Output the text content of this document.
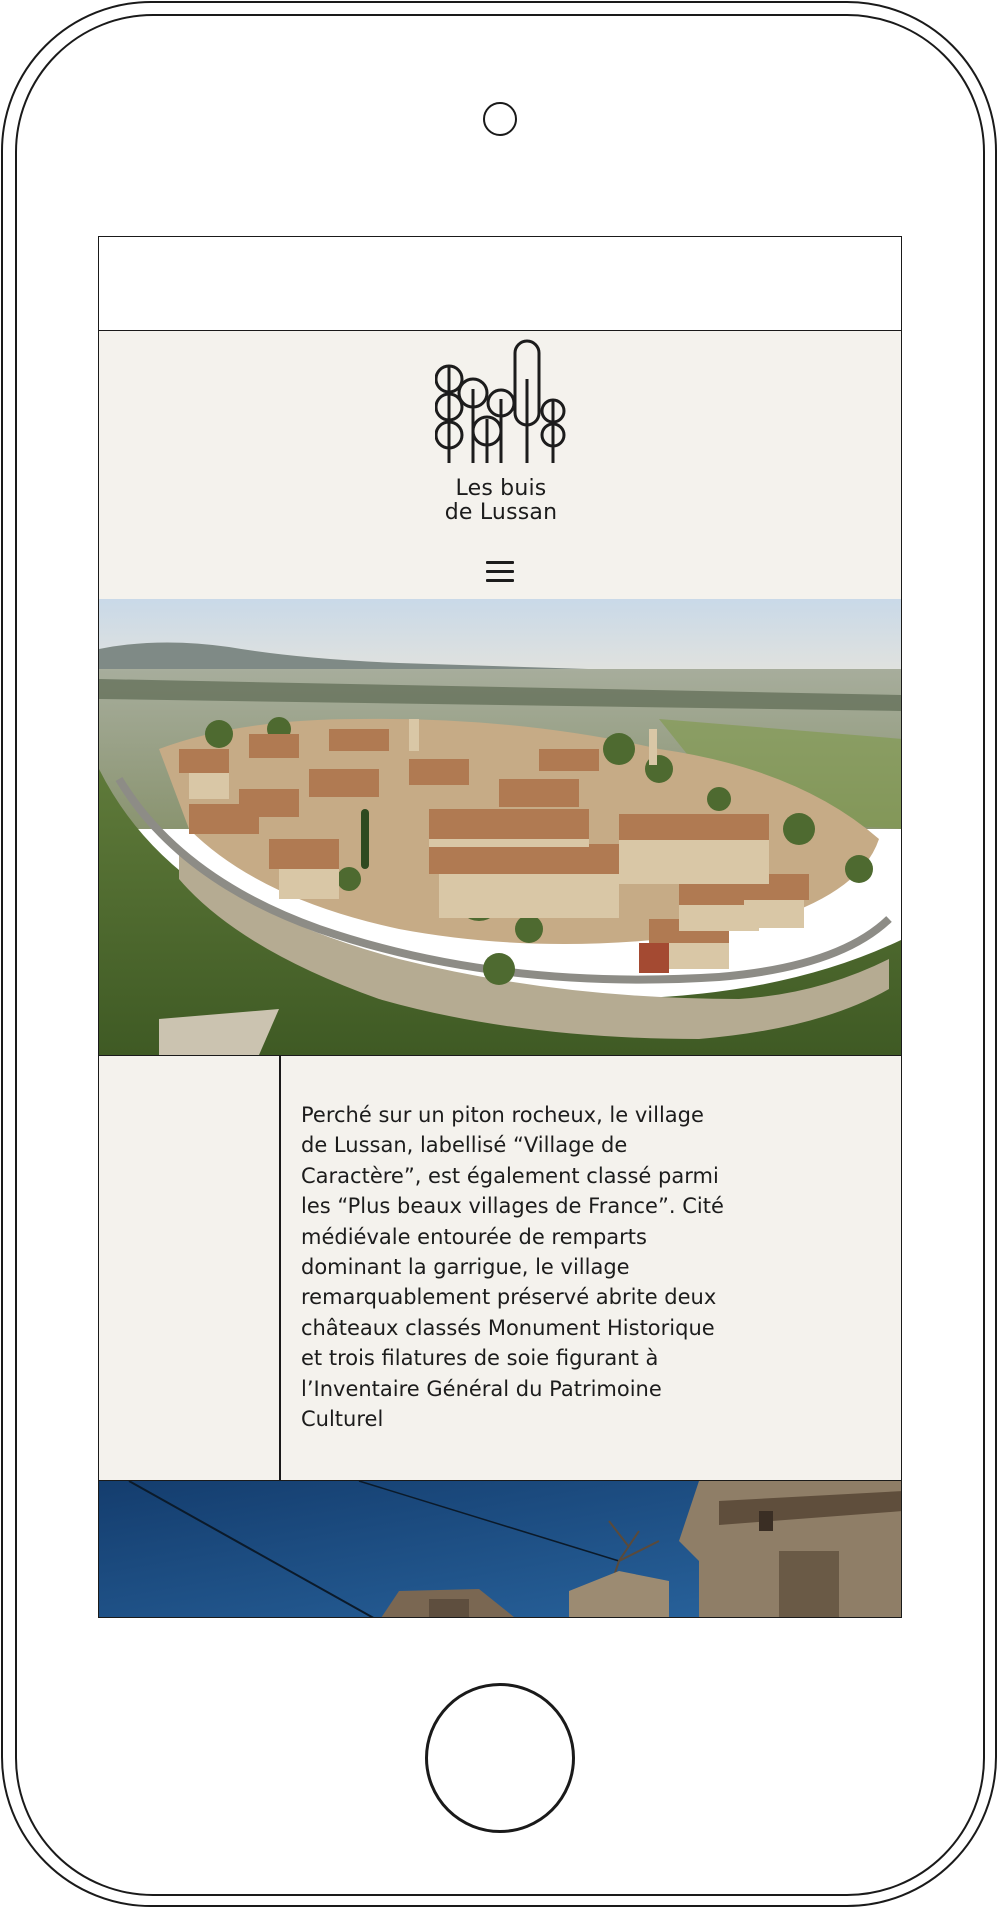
Les buis
de Lussan

Perché sur un piton rocheux, le village de Lussan, labellisé “Village de Caractère”, est également classé parmi les “Plus beaux villages de France”. Cité médiévale entourée de remparts dominant la garrigue, le village remarquablement préservé abrite deux châteaux classés Monument Historique et trois filatures de soie figurant à l’Inventaire Général du Patrimoine Culturel
